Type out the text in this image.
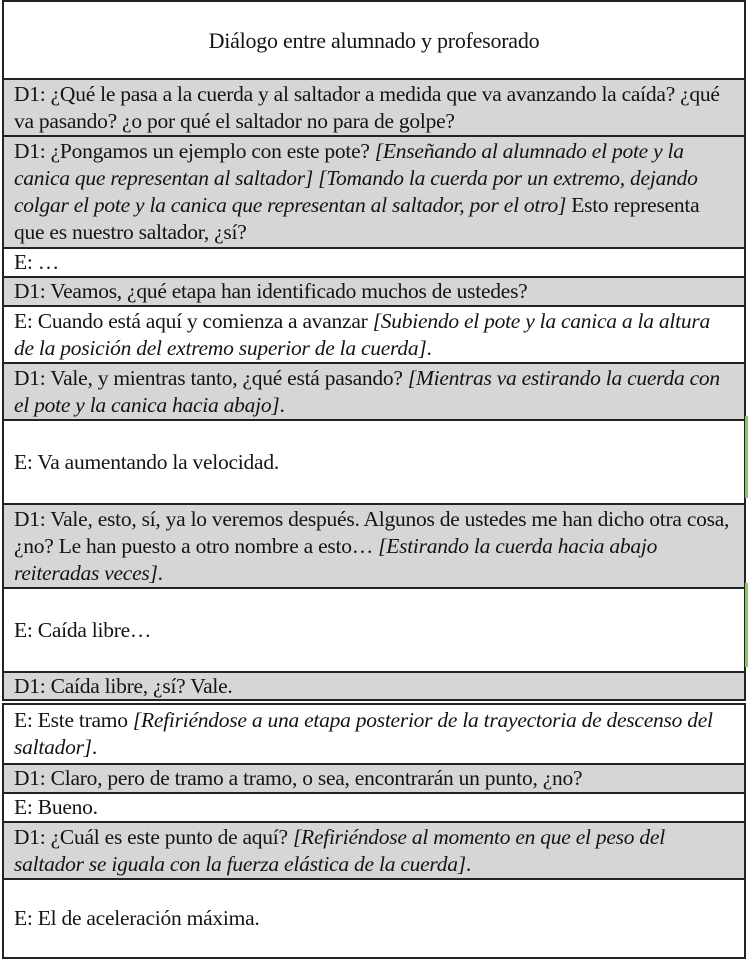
Diálogo entre alumnado y profesorado
D1: ¿Qué le pasa a la cuerda y al saltador a medida que va avanzando la caída? ¿qué va pasando? ¿o por qué el saltador no para de golpe?
D1: ¿Pongamos un ejemplo con este pote? [Enseñando al alumnado el pote y la canica que representan al saltador] [Tomando la cuerda por un extremo, dejando colgar el pote y la canica que representan al saltador, por el otro] Esto representa que es nuestro saltador, ¿sí?
E: …
D1: Veamos, ¿qué etapa han identificado muchos de ustedes?
E: Cuando está aquí y comienza a avanzar [Subiendo el pote y la canica a la altura de la posición del extremo superior de la cuerda].
D1: Vale, y mientras tanto, ¿qué está pasando? [Mientras va estirando la cuerda con el pote y la canica hacia abajo].
E: Va aumentando la velocidad.
D1: Vale, esto, sí, ya lo veremos después. Algunos de ustedes me han dicho otra cosa, ¿no? Le han puesto a otro nombre a esto… [Estirando la cuerda hacia abajo reiteradas veces].
E: Caída libre…
D1: Caída libre, ¿sí? Vale.
E: Este tramo [Refiriéndose a una etapa posterior de la trayectoria de descenso del saltador].
D1: Claro, pero de tramo a tramo, o sea, encontrarán un punto, ¿no?
E: Bueno.
D1: ¿Cuál es este punto de aquí? [Refiriéndose al momento en que el peso del saltador se iguala con la fuerza elástica de la cuerda].
E: El de aceleración máxima.
